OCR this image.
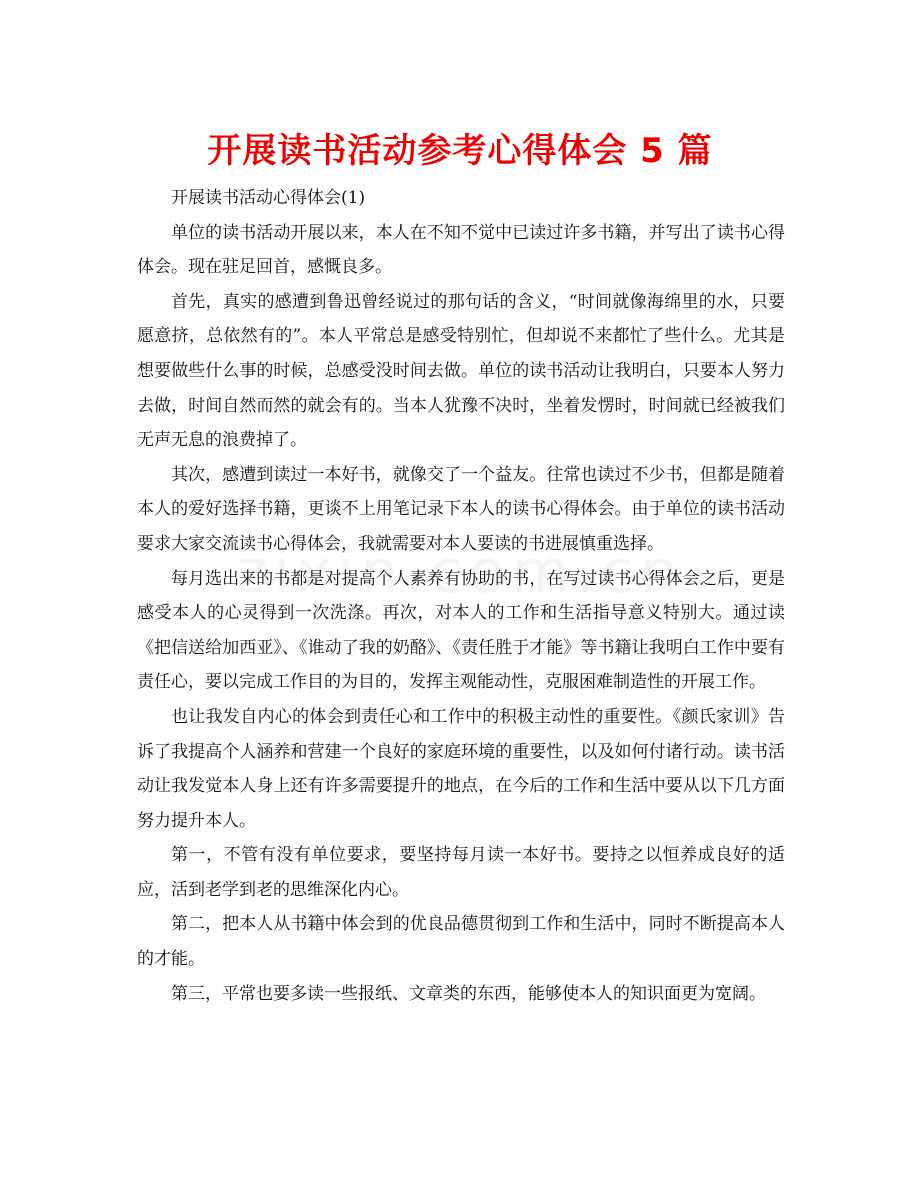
开展读书活动参考心得体会 5 篇

开展读书活动心得体会(1)

单位的读书活动开展以来，本人在不知不觉中已读过许多书籍，并写出了读书心得体会。现在驻足回首，感慨良多。

首先，真实的感遭到鲁迅曾经说过的那句话的含义，“时间就像海绵里的水，只要愿意挤，总依然有的”。本人平常总是感受特别忙，但却说不来都忙了些什么。尤其是想要做些什么事的时候，总感受没时间去做。单位的读书活动让我明白，只要本人努力去做，时间自然而然的就会有的。当本人犹豫不决时，坐着发愣时，时间就已经被我们无声无息的浪费掉了。

其次，感遭到读过一本好书，就像交了一个益友。往常也读过不少书，但都是随着本人的爱好选择书籍，更谈不上用笔记录下本人的读书心得体会。由于单位的读书活动要求大家交流读书心得体会，我就需要对本人要读的书进展慎重选择。

每月选出来的书都是对提高个人素养有协助的书，在写过读书心得体会之后，更是感受本人的心灵得到一次洗涤。再次，对本人的工作和生活指导意义特别大。通过读《把信送给加西亚》、《谁动了我的奶酪》、《责任胜于才能》等书籍让我明白工作中要有责任心，要以完成工作目的为目的，发挥主观能动性，克服困难制造性的开展工作。

也让我发自内心的体会到责任心和工作中的积极主动性的重要性。《颜氏家训》告诉了我提高个人涵养和营建一个良好的家庭环境的重要性，以及如何付诸行动。读书活动让我发觉本人身上还有许多需要提升的地点，在今后的工作和生活中要从以下几方面努力提升本人。

第一，不管有没有单位要求，要坚持每月读一本好书。要持之以恒养成良好的适应，活到老学到老的思维深化内心。

第二，把本人从书籍中体会到的优良品德贯彻到工作和生活中，同时不断提高本人的才能。

第三，平常也要多读一些报纸、文章类的东西，能够使本人的知识面更为宽阔。
